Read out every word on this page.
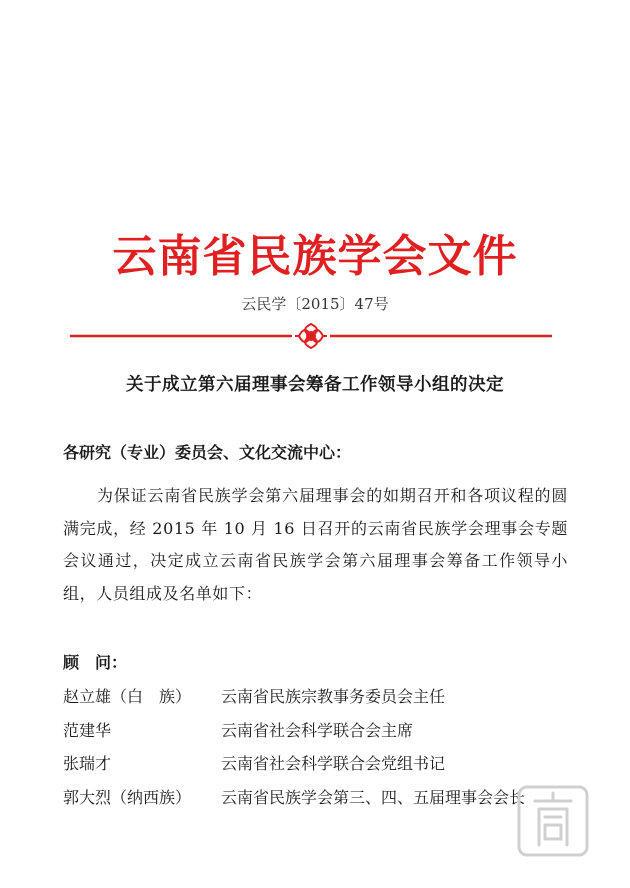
云南省民族学会文件
云民学〔2015〕47号
关于成立第六届理事会筹备工作领导小组的决定
各研究（专业）委员会、文化交流中心：
为保证云南省民族学会第六届理事会的如期召开和各项议程的圆满完成，经 2015 年 10 月 16 日召开的云南省民族学会理事会专题会议通过，决定成立云南省民族学会第六届理事会筹备工作领导小组，人员组成及名单如下：
顾　问：
赵立雄（白　族） 云南省民族宗教事务委员会主任
范建华	云南省社会科学联合会主席
张瑞才	云南省社会科学联合会党组书记
郭大烈（纳西族） 云南省民族学会第三、四、五届理事会会长
